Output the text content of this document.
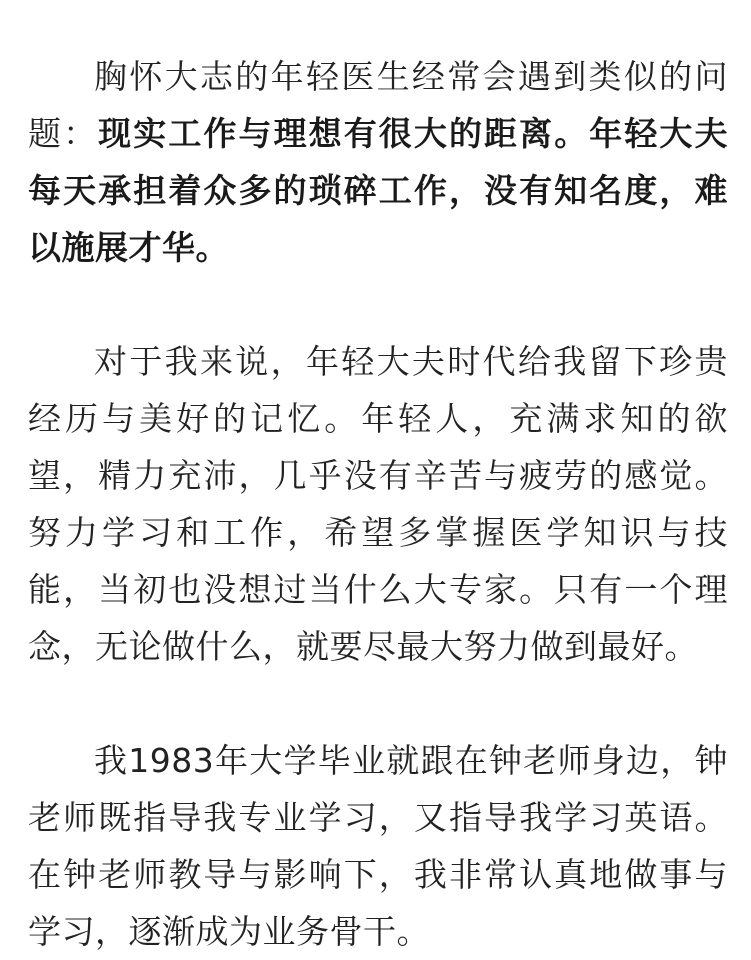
胸怀大志的年轻医生经常会遇到类似的问题：现实工作与理想有很大的距离。年轻大夫每天承担着众多的琐碎工作，没有知名度，难以施展才华。

对于我来说，年轻大夫时代给我留下珍贵经历与美好的记忆。年轻人，充满求知的欲望，精力充沛，几乎没有辛苦与疲劳的感觉。努力学习和工作，希望多掌握医学知识与技能，当初也没想过当什么大专家。只有一个理念，无论做什么，就要尽最大努力做到最好。

我1983年大学毕业就跟在钟老师身边，钟老师既指导我专业学习，又指导我学习英语。在钟老师教导与影响下，我非常认真地做事与学习，逐渐成为业务骨干。
